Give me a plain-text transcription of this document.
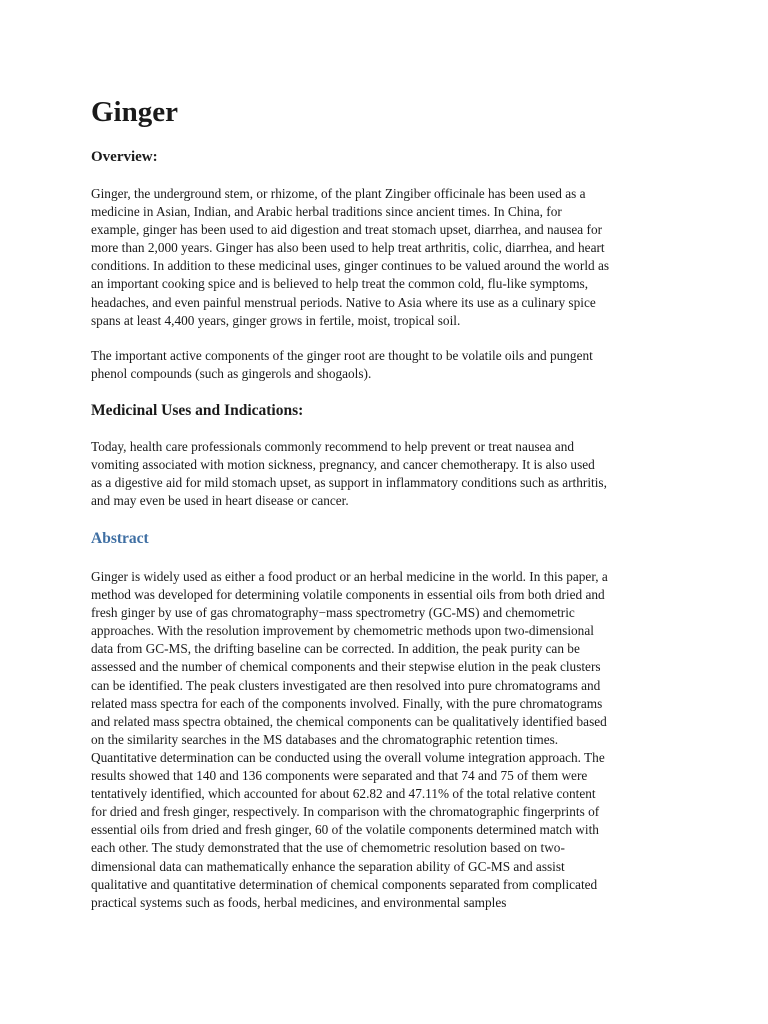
Ginger
Overview:

Ginger, the underground stem, or rhizome, of the plant Zingiber officinale has been used as a
medicine in Asian, Indian, and Arabic herbal traditions since ancient times. In China, for
example, ginger has been used to aid digestion and treat stomach upset, diarrhea, and nausea for
more than 2,000 years. Ginger has also been used to help treat arthritis, colic, diarrhea, and heart
conditions. In addition to these medicinal uses, ginger continues to be valued around the world as
an important cooking spice and is believed to help treat the common cold, flu-like symptoms,
headaches, and even painful menstrual periods. Native to Asia where its use as a culinary spice
spans at least 4,400 years, ginger grows in fertile, moist, tropical soil.

The important active components of the ginger root are thought to be volatile oils and pungent
phenol compounds (such as gingerols and shogaols).

Medicinal Uses and Indications:

Today, health care professionals commonly recommend to help prevent or treat nausea and
vomiting associated with motion sickness, pregnancy, and cancer chemotherapy. It is also used
as a digestive aid for mild stomach upset, as support in inflammatory conditions such as arthritis,
and may even be used in heart disease or cancer.

Abstract

Ginger is widely used as either a food product or an herbal medicine in the world. In this paper, a
method was developed for determining volatile components in essential oils from both dried and
fresh ginger by use of gas chromatography−mass spectrometry (GC-MS) and chemometric
approaches. With the resolution improvement by chemometric methods upon two-dimensional
data from GC-MS, the drifting baseline can be corrected. In addition, the peak purity can be
assessed and the number of chemical components and their stepwise elution in the peak clusters
can be identified. The peak clusters investigated are then resolved into pure chromatograms and
related mass spectra for each of the components involved. Finally, with the pure chromatograms
and related mass spectra obtained, the chemical components can be qualitatively identified based
on the similarity searches in the MS databases and the chromatographic retention times.
Quantitative determination can be conducted using the overall volume integration approach. The
results showed that 140 and 136 components were separated and that 74 and 75 of them were
tentatively identified, which accounted for about 62.82 and 47.11% of the total relative content
for dried and fresh ginger, respectively. In comparison with the chromatographic fingerprints of
essential oils from dried and fresh ginger, 60 of the volatile components determined match with
each other. The study demonstrated that the use of chemometric resolution based on two-
dimensional data can mathematically enhance the separation ability of GC-MS and assist
qualitative and quantitative determination of chemical components separated from complicated
practical systems such as foods, herbal medicines, and environmental samples
